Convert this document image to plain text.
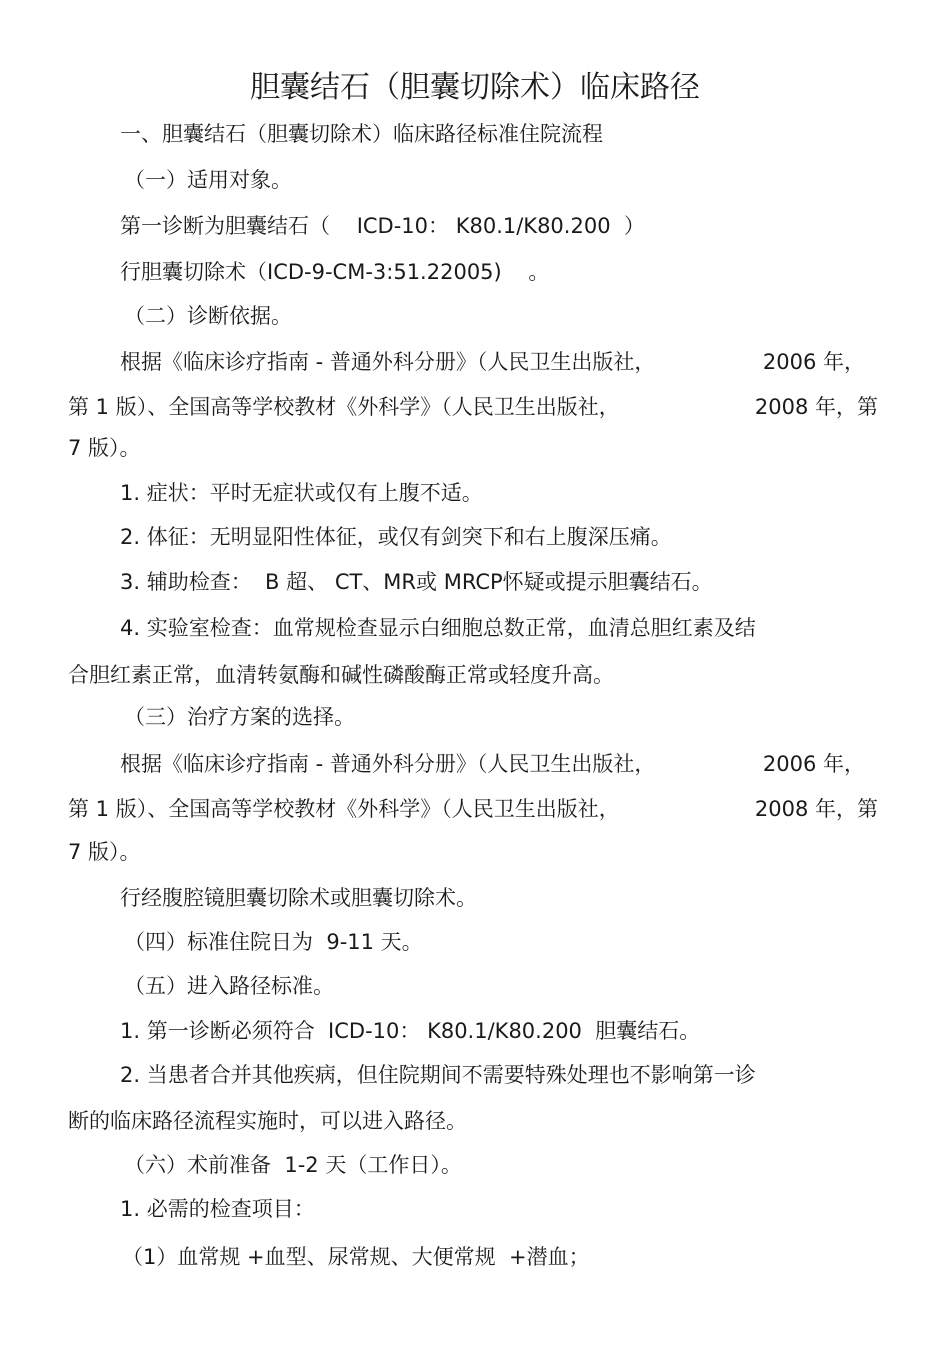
胆囊结石（胆囊切除术）临床路径

一、胆囊结石（胆囊切除术）临床路径标准住院流程

（一）适用对象。

第一诊断为胆囊结石（    ICD-10： K80.1/K80.200  ）

行胆囊切除术（ICD-9-CM-3:51.22005)    。

（二）诊断依据。

根据《临床诊疗指南 - 普通外科分册》（人民卫生出版社，	2006 年，
第 1 版）、全国高等学校教材《外科学》（人民卫生出版社，	2008 年，第

7 版）。

1. 症状：平时无症状或仅有上腹不适。

2. 体征：无明显阳性体征，或仅有剑突下和右上腹深压痛。

3. 辅助检查：  B 超、 CT、MR或 MRCP怀疑或提示胆囊结石。

4. 实验室检查：血常规检查显示白细胞总数正常，血清总胆红素及结

合胆红素正常，血清转氨酶和碱性磷酸酶正常或轻度升高。

（三）治疗方案的选择。

根据《临床诊疗指南 - 普通外科分册》（人民卫生出版社，	2006 年，
第 1 版）、全国高等学校教材《外科学》（人民卫生出版社，	2008 年，第

7 版）。

行经腹腔镜胆囊切除术或胆囊切除术。

（四）标准住院日为  9-11 天。

（五）进入路径标准。

1. 第一诊断必须符合  ICD-10： K80.1/K80.200  胆囊结石。

2. 当患者合并其他疾病，但住院期间不需要特殊处理也不影响第一诊

断的临床路径流程实施时，可以进入路径。

（六）术前准备  1-2 天（工作日）。

1. 必需的检查项目：

（1）血常规 +血型、尿常规、大便常规  +潜血；
